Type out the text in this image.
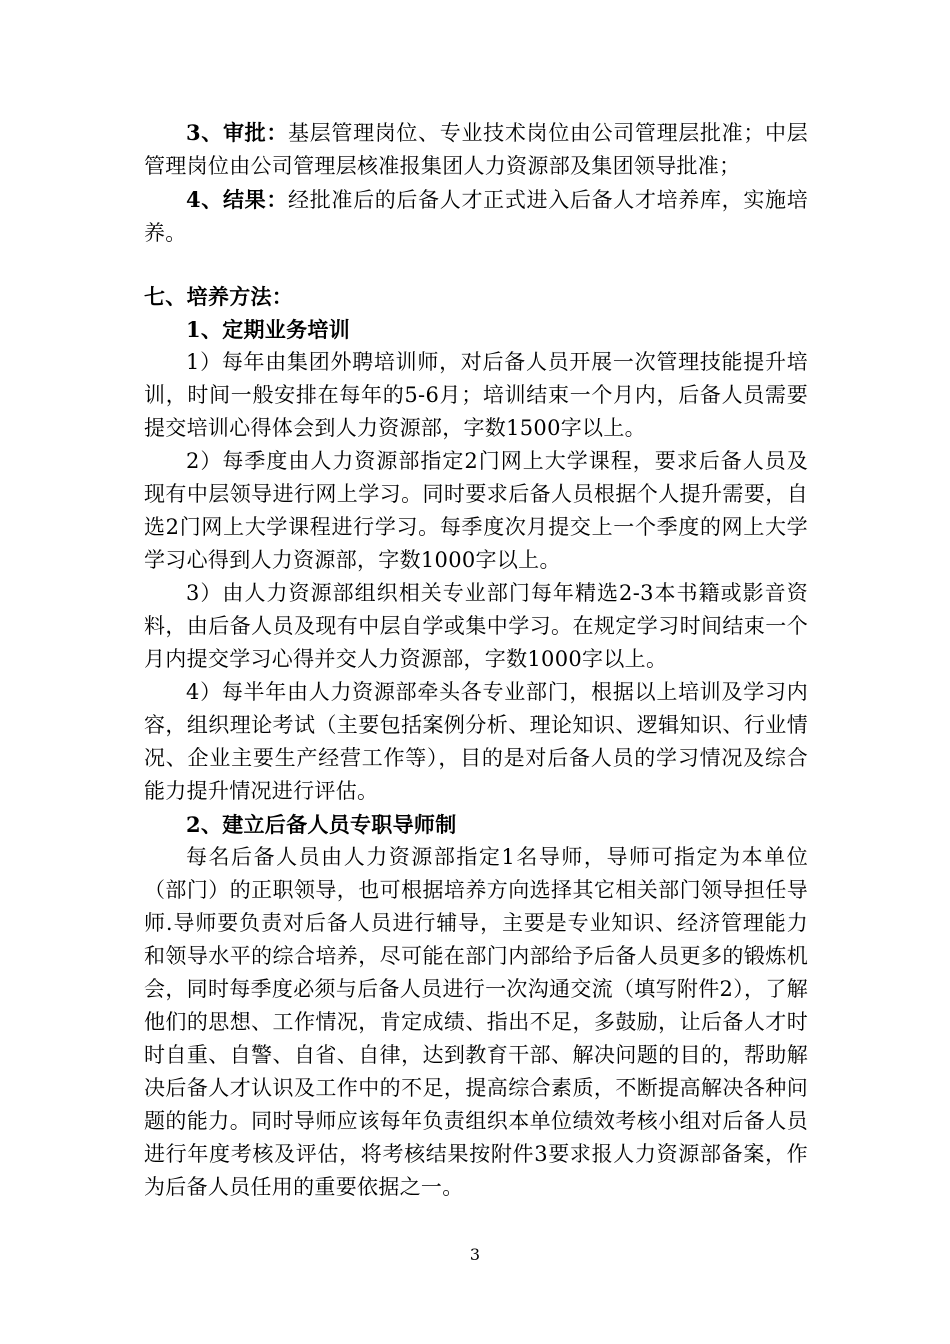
3、审批：基层管理岗位、专业技术岗位由公司管理层批准；中层管理岗位由公司管理层核准报集团人力资源部及集团领导批准；

4、结果：经批准后的后备人才正式进入后备人才培养库，实施培养。

七、培养方法：

1、定期业务培训

1）每年由集团外聘培训师，对后备人员开展一次管理技能提升培训，时间一般安排在每年的5-6月；培训结束一个月内，后备人员需要提交培训心得体会到人力资源部，字数1500字以上。

2）每季度由人力资源部指定2门网上大学课程，要求后备人员及现有中层领导进行网上学习。同时要求后备人员根据个人提升需要，自选2门网上大学课程进行学习。每季度次月提交上一个季度的网上大学学习心得到人力资源部，字数1000字以上。

3）由人力资源部组织相关专业部门每年精选2-3本书籍或影音资料，由后备人员及现有中层自学或集中学习。在规定学习时间结束一个月内提交学习心得并交人力资源部，字数1000字以上。

4）每半年由人力资源部牵头各专业部门，根据以上培训及学习内容，组织理论考试（主要包括案例分析、理论知识、逻辑知识、行业情况、企业主要生产经营工作等），目的是对后备人员的学习情况及综合能力提升情况进行评估。

2、建立后备人员专职导师制

每名后备人员由人力资源部指定1名导师，导师可指定为本单位（部门）的正职领导，也可根据培养方向选择其它相关部门领导担任导师.导师要负责对后备人员进行辅导，主要是专业知识、经济管理能力和领导水平的综合培养，尽可能在部门内部给予后备人员更多的锻炼机会，同时每季度必须与后备人员进行一次沟通交流（填写附件2），了解他们的思想、工作情况，肯定成绩、指出不足，多鼓励，让后备人才时时自重、自警、自省、自律，达到教育干部、解决问题的目的，帮助解决后备人才认识及工作中的不足，提高综合素质，不断提高解决各种问题的能力。同时导师应该每年负责组织本单位绩效考核小组对后备人员进行年度考核及评估，将考核结果按附件3要求报人力资源部备案，作为后备人员任用的重要依据之一。

3
